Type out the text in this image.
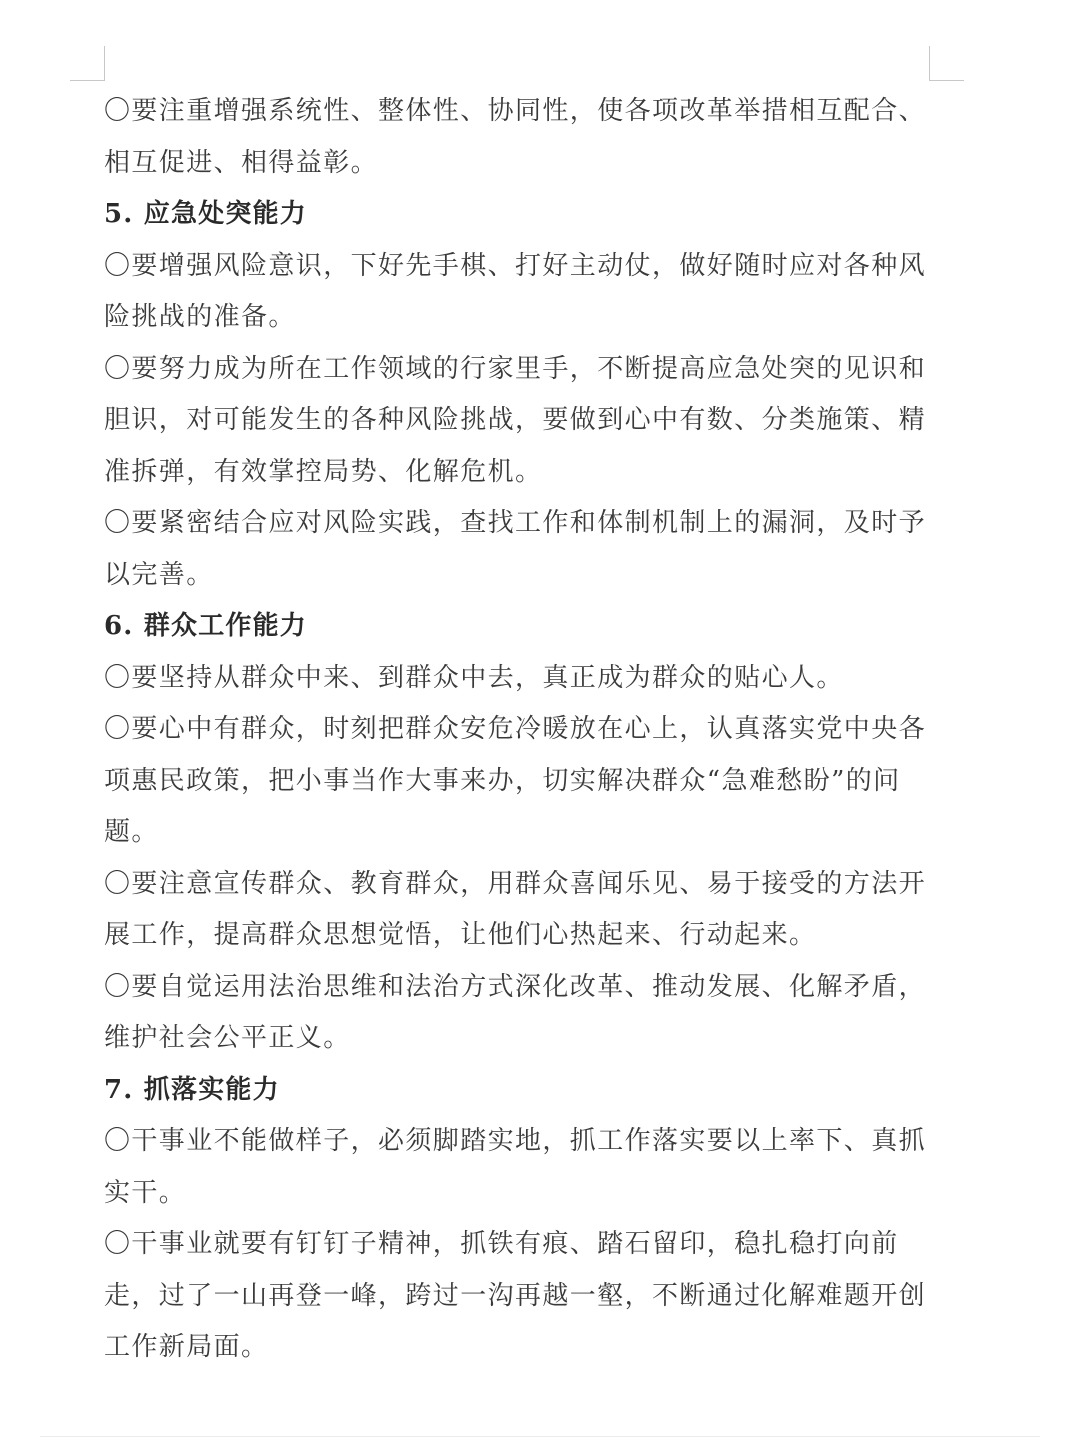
〇要注重增强系统性、整体性、协同性，使各项改革举措相互配合、相互促进、相得益彰。

5. 应急处突能力

〇要增强风险意识，下好先手棋、打好主动仗，做好随时应对各种风险挑战的准备。

〇要努力成为所在工作领域的行家里手，不断提高应急处突的见识和胆识，对可能发生的各种风险挑战，要做到心中有数、分类施策、精准拆弹，有效掌控局势、化解危机。

〇要紧密结合应对风险实践，查找工作和体制机制上的漏洞，及时予以完善。

6. 群众工作能力

〇要坚持从群众中来、到群众中去，真正成为群众的贴心人。

〇要心中有群众，时刻把群众安危冷暖放在心上，认真落实党中央各项惠民政策，把小事当作大事来办，切实解决群众“急难愁盼”的问题。

〇要注意宣传群众、教育群众，用群众喜闻乐见、易于接受的方法开展工作，提高群众思想觉悟，让他们心热起来、行动起来。

〇要自觉运用法治思维和法治方式深化改革、推动发展、化解矛盾，维护社会公平正义。

7. 抓落实能力

〇干事业不能做样子，必须脚踏实地，抓工作落实要以上率下、真抓实干。

〇干事业就要有钉钉子精神，抓铁有痕、踏石留印，稳扎稳打向前走，过了一山再登一峰，跨过一沟再越一壑，不断通过化解难题开创工作新局面。
